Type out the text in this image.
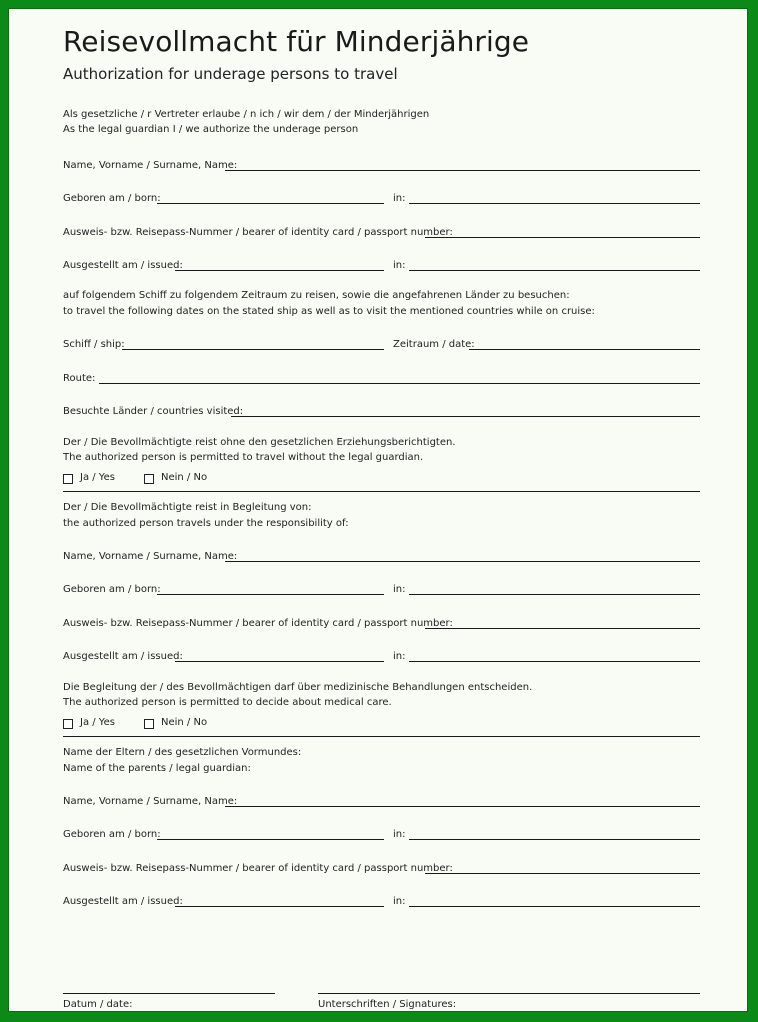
Reisevollmacht für Minderjährige
Authorization for underage persons to travel
Als gesetzliche / r Vertreter erlaube / n ich / wir dem / der Minderjährigen
As the legal guardian I / we authorize the underage person
Name, Vorname / Surname, Name:
Geboren am / born:	in:
Ausweis- bzw. Reisepass-Nummer / bearer of identity card / passport number:
Ausgestellt am / issued:	in:
auf folgendem Schiff zu folgendem Zeitraum zu reisen, sowie die angefahrenen Länder zu besuchen:
to travel the following dates on the stated ship as well as to visit the mentioned countries while on cruise:
Schiff / ship:	Zeitraum / date:
Route:
Besuchte Länder / countries visited:
Der / Die Bevollmächtigte reist ohne den gesetzlichen Erziehungsberichtigten.
The authorized person is permitted to travel without the legal guardian.
Ja / Yes	Nein / No
Der / Die Bevollmächtigte reist in Begleitung von:
the authorized person travels under the responsibility of:
Name, Vorname / Surname, Name:
Geboren am / born:	in:
Ausweis- bzw. Reisepass-Nummer / bearer of identity card / passport number:
Ausgestellt am / issued:	in:
Die Begleitung der / des Bevollmächtigen darf über medizinische Behandlungen entscheiden.
The authorized person is permitted to decide about medical care.
Ja / Yes	Nein / No
Name der Eltern / des gesetzlichen Vormundes:
Name of the parents / legal guardian:
Name, Vorname / Surname, Name:
Geboren am / born:	in:
Ausweis- bzw. Reisepass-Nummer / bearer of identity card / passport number:
Ausgestellt am / issued:	in:
Datum / date:	Unterschriften / Signatures:
